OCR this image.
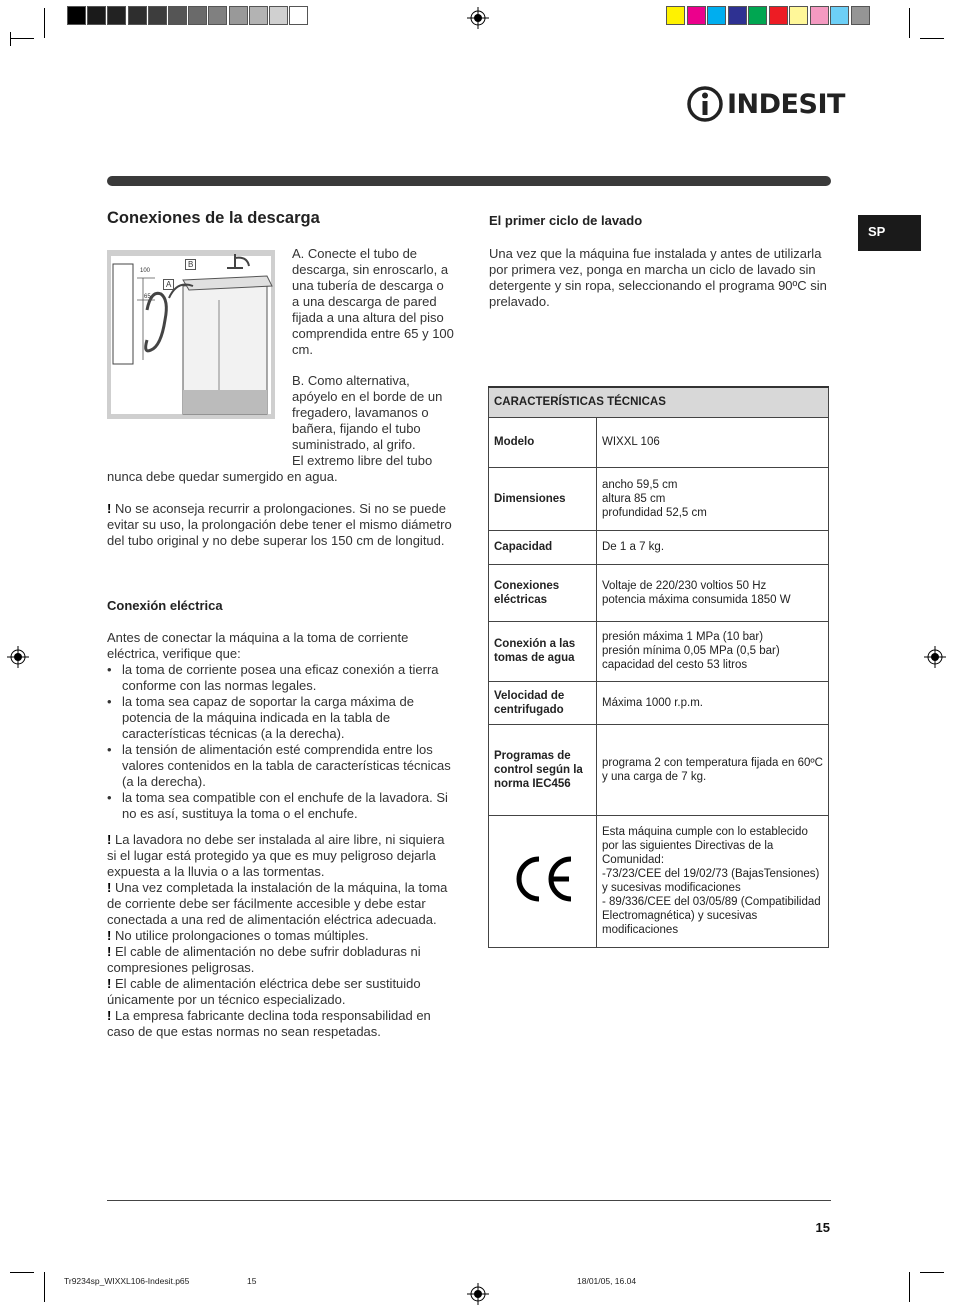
INDESIT
SP
Conexiones de la descarga
B
A
100
65
A. Conecte el tubo de descarga, sin enroscarlo, a una tubería de descarga o a una descarga de pared fijada a una altura del piso comprendida entre 65 y 100 cm.
B. Como alternativa, apóyelo en el borde de un fregadero, lavamanos o bañera, fijando el tubo suministrado, al grifo.
El extremo libre del tubo
nunca debe quedar sumergido en agua.
! No se aconseja recurrir a prolongaciones. Si no se puede evitar su uso, la prolongación debe tener el mismo diámetro del tubo original y no debe superar los 150 cm de longitud.
Conexión eléctrica
Antes de conectar la máquina a la toma de corriente eléctrica, verifique que:
• la toma de corriente posea una eficaz conexión a tierra conforme con las normas legales.
• la toma sea capaz de soportar la carga máxima de potencia de la máquina indicada en la tabla de características técnicas (a la derecha).
• la tensión de alimentación esté comprendida entre los valores contenidos en la tabla de características técnicas (a la derecha).
• la toma sea compatible con el enchufe de la lavadora. Si no es así, sustituya la toma o el enchufe.
! La lavadora no debe ser instalada al aire libre, ni siquiera si el lugar está protegido ya que es muy peligroso dejarla expuesta a la lluvia o a las tormentas.
! Una vez completada la instalación de la máquina, la toma de corriente debe ser fácilmente accesible y debe estar conectada a una red de alimentación eléctrica adecuada.
! No utilice prolongaciones o tomas múltiples.
! El cable de alimentación no debe sufrir dobladuras ni compresiones peligrosas.
! El cable de alimentación eléctrica debe ser sustituido únicamente por un técnico especializado.
! La empresa fabricante declina toda responsabilidad en caso de que estas normas no sean respetadas.
El primer ciclo de lavado
Una vez que la máquina fue instalada y antes de utilizarla por primera vez, ponga en marcha un ciclo de lavado sin detergente y sin ropa, seleccionando el programa 90ºC sin prelavado.
CARACTERÍSTICAS TÉCNICAS	
Modelo	WIXXL 106

Dimensiones	ancho 59,5 cm
altura 85 cm
profundidad 52,5 cm

Capacidad	De 1 a 7 kg.

Conexiones eléctricas	Voltaje de 220/230 voltios 50 Hz
potencia máxima consumida 1850 W

Conexión a las tomas de agua	presión máxima 1 MPa (10 bar)
presión mínima 0,05 MPa (0,5 bar)
capacidad del cesto 53 litros

Velocidad de centrifugado	Máxima 1000 r.p.m.

Programas de control según la norma IEC456	programa 2 con temperatura fijada en 60ºC y una carga de 7 kg.

Esta máquina cumple con lo establecido por las siguientes Directivas de la Comunidad:
-73/23/CEE del 19/02/73 (BajasTensiones) y sucesivas modificaciones
- 89/336/CEE del 03/05/89 (Compatibilidad Electromagnética) y sucesivas modificaciones
15
Tr9234sp_WIXXL106-Indesit.p65	15	18/01/05, 16.04
